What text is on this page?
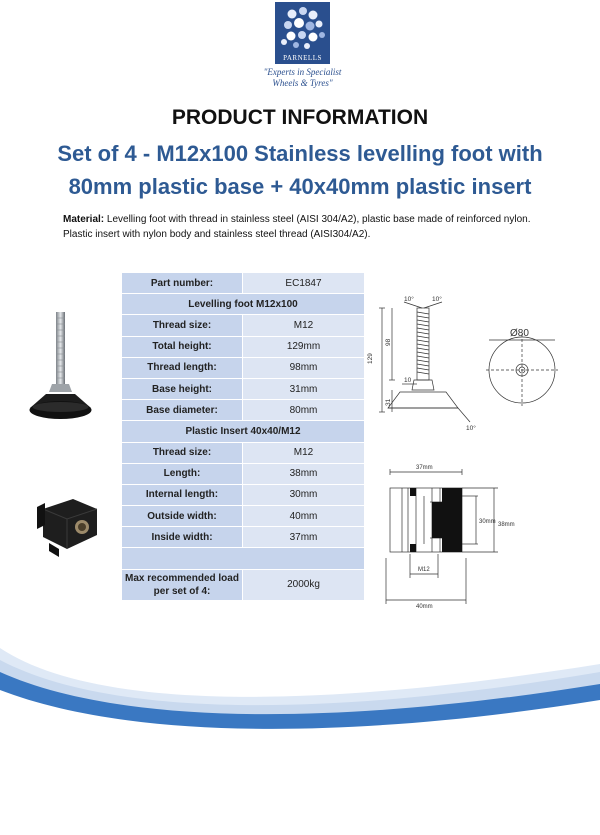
PARNELLS
"Experts in Specialist
Wheels & Tyres"
PRODUCT INFORMATION
Set of 4 - M12x100 Stainless levelling foot with 80mm plastic base + 40x40mm plastic insert
Material: Levelling foot with thread in stainless steel (AISI 304/A2), plastic base made of reinforced nylon. Plastic insert with nylon body and stainless steel thread (AISI304/A2).
Part number:	EC1847
Levelling foot M12x100	
Thread size:	M12
Total height:	129mm
Thread length:	98mm
Base height:	31mm
Base diameter:	80mm
Plastic Insert 40x40/M12	
Thread size:	M12
Length:	38mm
Internal length:	30mm
Outside width:	40mm
Inside width:	37mm

Max recommended load
per set of 4:	2000kg
10°	10°
129
98
31
10
10°
Ø80
37mm
30mm 38mm
M12
40mm
